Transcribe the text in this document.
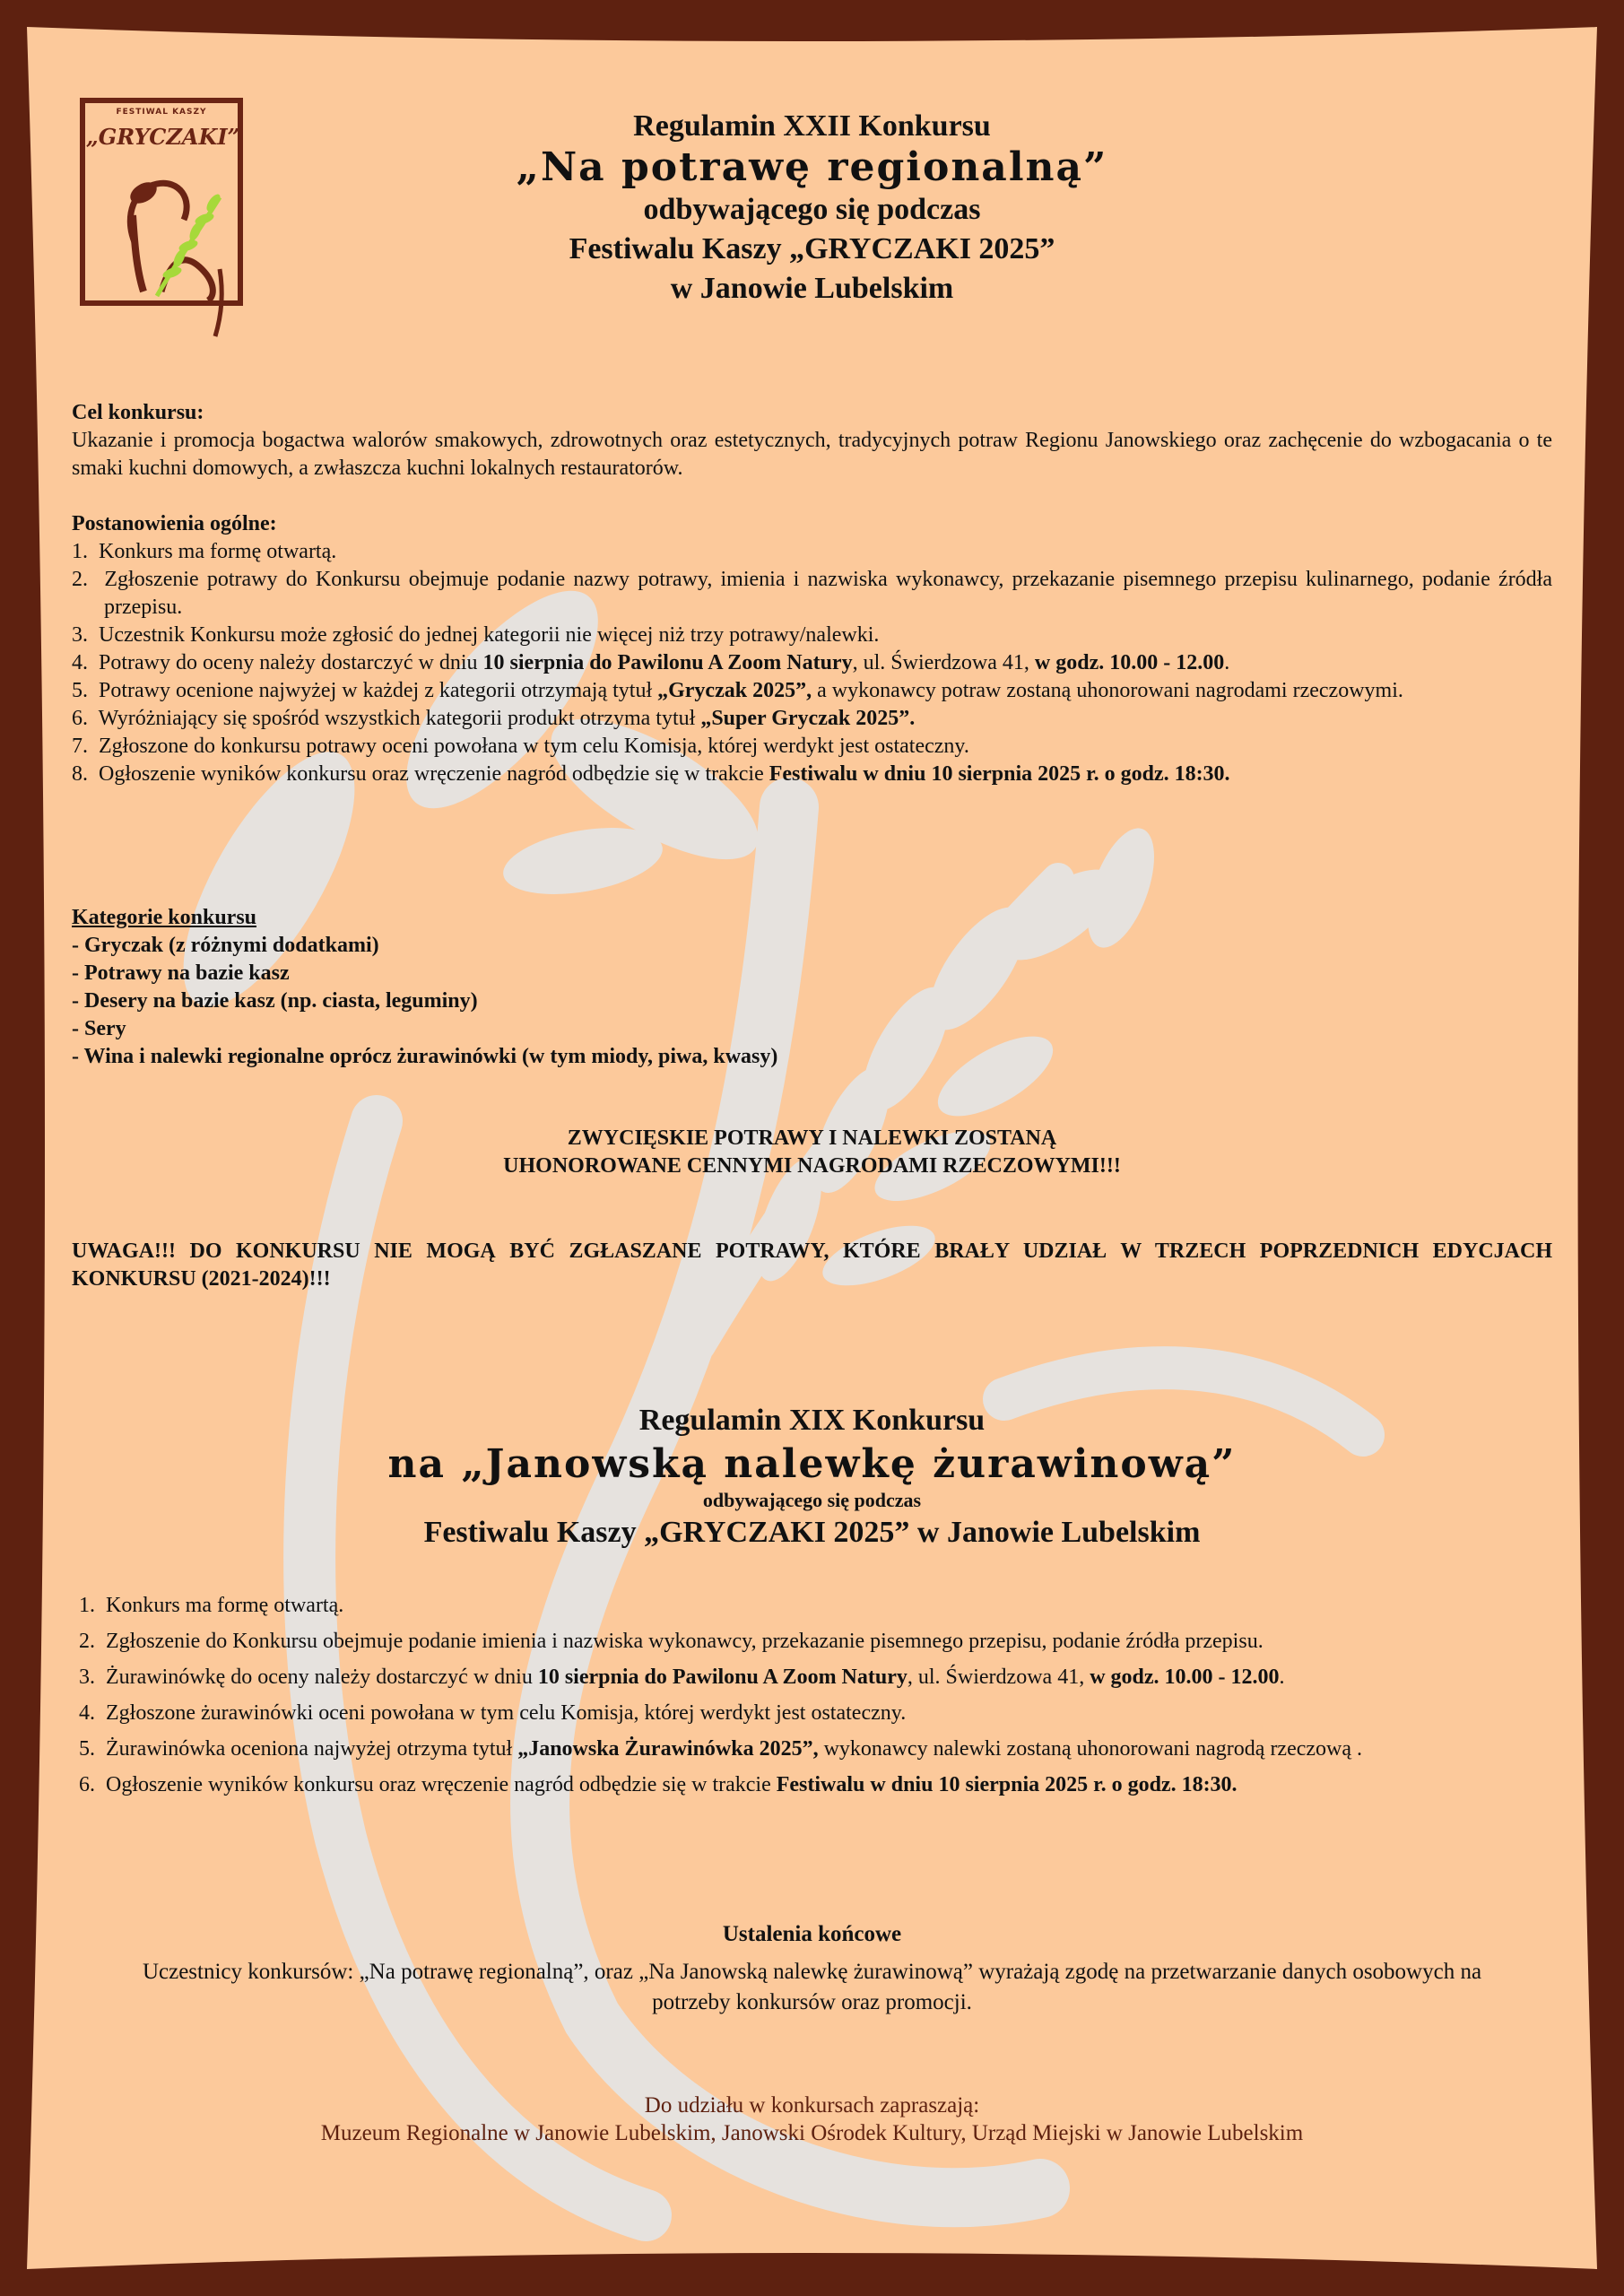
FESTIWAL KASZY
„GRYCZAKI”	Regulamin XXII Konkursu
„Na potrawę regionalną”
odbywającego się podczas
Festiwalu Kaszy „GRYCZAKI 2025”
w Janowie Lubelskim
Cel konkursu:
Ukazanie i promocja bogactwa walorów smakowych, zdrowotnych oraz estetycznych, tradycyjnych potraw Regionu Janowskiego oraz zachęcenie do wzbogacania o te smaki kuchni domowych, a zwłaszcza kuchni lokalnych restauratorów.
Postanowienia ogólne:
1.  Konkurs ma formę otwartą.
2.  Zgłoszenie potrawy do Konkursu obejmuje podanie nazwy potrawy, imienia i nazwiska wykonawcy, przekazanie pisemnego przepisu kulinarnego, podanie źródła przepisu.
3.  Uczestnik Konkursu może zgłosić do jednej kategorii nie więcej niż trzy potrawy/nalewki.
4.  Potrawy do oceny należy dostarczyć w dniu 10 sierpnia do Pawilonu A Zoom Natury, ul. Świerdzowa 41, w godz. 10.00 - 12.00.
5.  Potrawy ocenione najwyżej w każdej z kategorii otrzymają tytuł „Gryczak 2025”, a wykonawcy potraw zostaną uhonorowani nagrodami rzeczowymi.
6.  Wyróżniający się spośród wszystkich kategorii produkt otrzyma tytuł „Super Gryczak 2025”.
7.  Zgłoszone do konkursu potrawy oceni powołana w tym celu Komisja, której werdykt jest ostateczny.
8.  Ogłoszenie wyników konkursu oraz wręczenie nagród odbędzie się w trakcie Festiwalu w dniu 10 sierpnia 2025 r. o godz. 18:30.
Kategorie konkursu
- Gryczak (z różnymi dodatkami)
- Potrawy na bazie kasz
- Desery na bazie kasz (np. ciasta, leguminy)
- Sery
- Wina i nalewki regionalne oprócz żurawinówki (w tym miody, piwa, kwasy)
ZWYCIĘSKIE POTRAWY I NALEWKI ZOSTANĄ
UHONOROWANE CENNYMI NAGRODAMI RZECZOWYMI!!!
UWAGA!!! DO KONKURSU NIE MOGĄ BYĆ ZGŁASZANE POTRAWY, KTÓRE BRAŁY UDZIAŁ W TRZECH POPRZEDNICH EDYCJACH KONKURSU (2021-2024)!!!
Regulamin XIX Konkursu
na „Janowską nalewkę żurawinową”
odbywającego się podczas
Festiwalu Kaszy „GRYCZAKI 2025” w Janowie Lubelskim
1.  Konkurs ma formę otwartą.
2.  Zgłoszenie do Konkursu obejmuje podanie imienia i nazwiska wykonawcy, przekazanie pisemnego przepisu, podanie źródła przepisu.
3.  Żurawinówkę do oceny należy dostarczyć w dniu 10 sierpnia do Pawilonu A Zoom Natury, ul. Świerdzowa 41, w godz. 10.00 - 12.00.
4.  Zgłoszone żurawinówki oceni powołana w tym celu Komisja, której werdykt jest ostateczny.
5.  Żurawinówka oceniona najwyżej otrzyma tytuł „Janowska Żurawinówka 2025”, wykonawcy nalewki zostaną uhonorowani nagrodą rzeczową .
6.  Ogłoszenie wyników konkursu oraz wręczenie nagród odbędzie się w trakcie Festiwalu w dniu 10 sierpnia 2025 r. o godz. 18:30.
Ustalenia końcowe
Uczestnicy konkursów: „Na potrawę regionalną”, oraz „Na Janowską nalewkę żurawinową” wyrażają zgodę na przetwarzanie danych osobowych na potrzeby konkursów oraz promocji.
Do udziału w konkursach zapraszają:
Muzeum Regionalne w Janowie Lubelskim, Janowski Ośrodek Kultury, Urząd Miejski w Janowie Lubelskim
